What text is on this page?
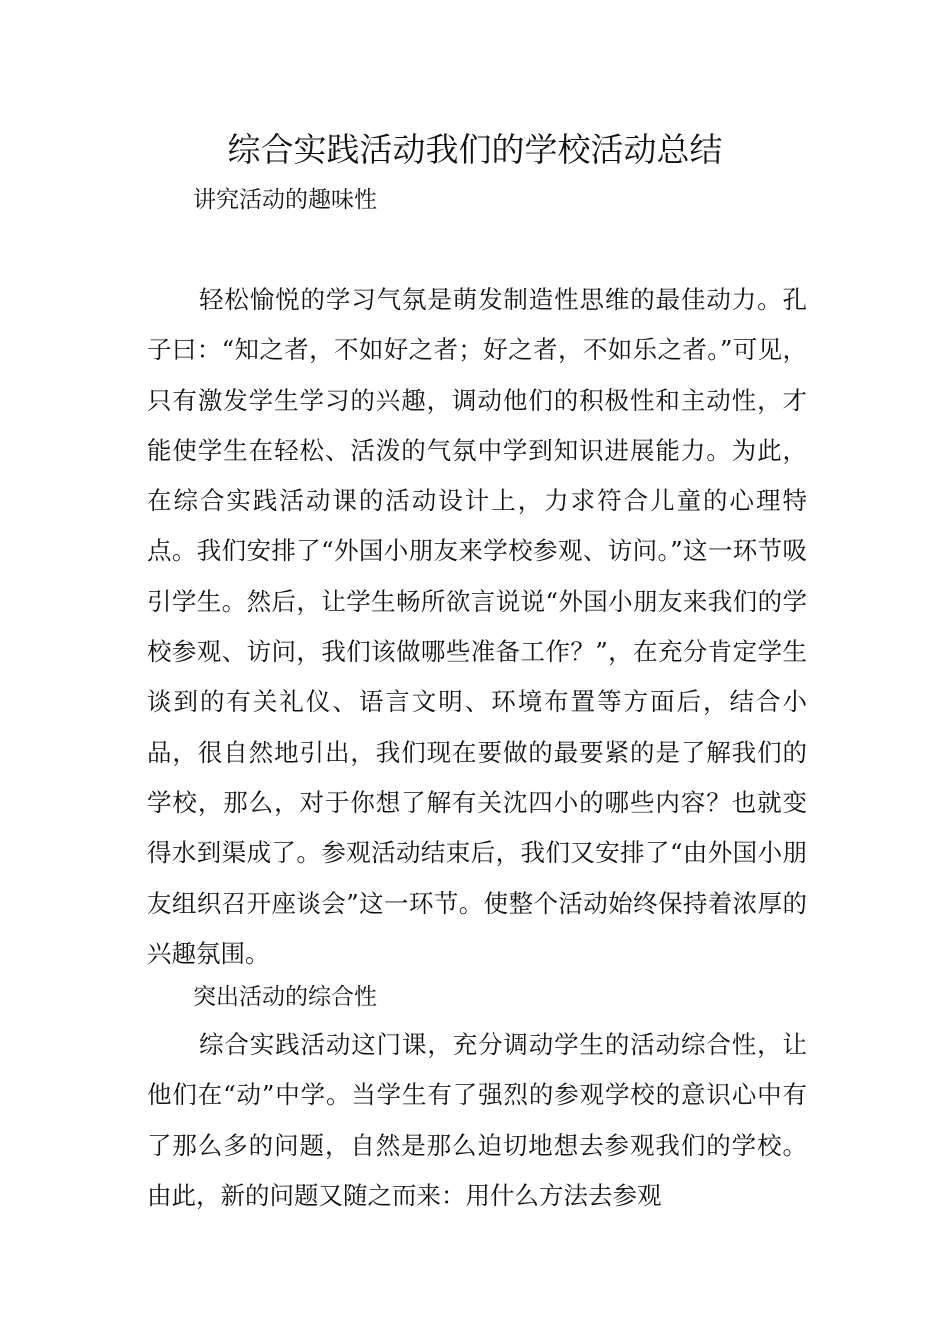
综合实践活动我们的学校活动总结

讲究活动的趣味性

轻松愉悦的学习气氛是萌发制造性思维的最佳动力。孔子曰：“知之者，不如好之者；好之者，不如乐之者。”可见，只有激发学生学习的兴趣，调动他们的积极性和主动性，才能使学生在轻松、活泼的气氛中学到知识进展能力。为此，在综合实践活动课的活动设计上，力求符合儿童的心理特点。我们安排了“外国小朋友来学校参观、访问。”这一环节吸引学生。然后，让学生畅所欲言说说“外国小朋友来我们的学校参观、访问，我们该做哪些准备工作？”，在充分肯定学生谈到的有关礼仪、语言文明、环境布置等方面后，结合小品，很自然地引出，我们现在要做的最要紧的是了解我们的学校，那么，对于你想了解有关沈四小的哪些内容？也就变得水到渠成了。参观活动结束后，我们又安排了“由外国小朋友组织召开座谈会”这一环节。使整个活动始终保持着浓厚的兴趣氛围。

突出活动的综合性

综合实践活动这门课，充分调动学生的活动综合性，让他们在“动”中学。当学生有了强烈的参观学校的意识心中有了那么多的问题，自然是那么迫切地想去参观我们的学校。由此，新的问题又随之而来：用什么方法去参观
